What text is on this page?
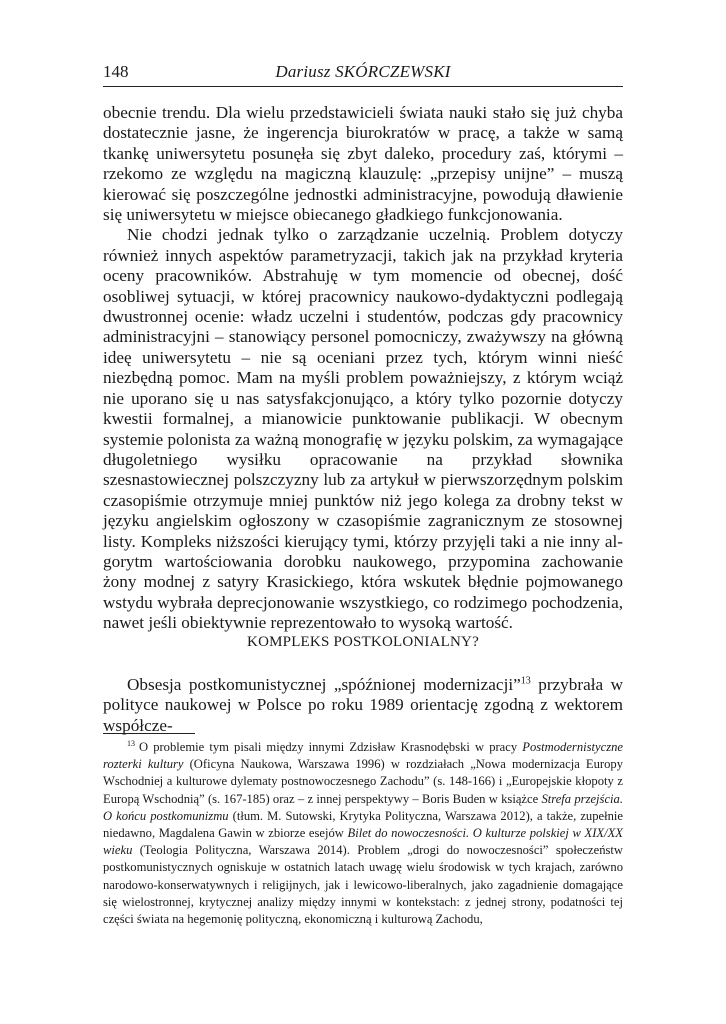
148	Dariusz SKÓRCZEWSKI

obecnie trendu. Dla wielu przedstawicieli świata nauki stało się już chyba dostatecznie jasne, że ingerencja biurokratów w pracę, a także w samą tkankę uniwersytetu posunęła się zbyt daleko, procedury zaś, którymi – rzekomo ze względu na magiczną klauzulę: „przepisy unijne” – muszą kierować się poszczególne jednostki administracyjne, powodują dławienie się uniwersytetu w miejsce obiecanego gładkiego funkcjonowania.

Nie chodzi jednak tylko o zarządzanie uczelnią. Problem dotyczy również innych aspektów parametryzacji, takich jak na przykład kryteria oceny pracowników. Abstrahuję w tym momencie od obecnej, dość osobliwej sytuacji, w której pracownicy naukowo-dydaktyczni podlegają dwustronnej ocenie: władz uczelni i studentów, podczas gdy pracownicy administracyjni – stanowiący personel pomocniczy, zważywszy na główną ideę uniwersytetu – nie są oceniani przez tych, którym winni nieść niezbędną pomoc. Mam na myśli problem poważniejszy, z którym wciąż nie uporano się u nas satysfakcjonująco, a który tylko pozornie dotyczy kwestii formalnej, a mianowicie punktowanie publikacji. W obecnym systemie polonista za ważną monografię w języku polskim, za wymagające długoletniego wysiłku opracowanie na przykład słownika szesnastowiecznej polszczyzny lub za artykuł w pierwszorzędnym polskim czasopiśmie otrzymuje mniej punktów niż jego kolega za drobny tekst w języku angielskim ogłoszony w czasopiśmie zagranicznym ze stosownej listy. Kompleks niższości kierujący tymi, którzy przyjęli taki a nie inny algorytm wartościowania dorobku naukowego, przypomina zachowanie żony modnej z satyry Krasickiego, która wskutek błędnie pojmowanego wstydu wybrała deprecjonowanie wszystkiego, co rodzimego pochodzenia, nawet jeśli obiektywnie reprezentowało to wysoką wartość.

KOMPLEKS POSTKOLONIALNY?

Obsesja postkomunistycznej „spóźnionej modernizacji”$^{13}$ przybrała w polityce naukowej w Polsce po roku 1989 orientację zgodną z wektorem współcze-

$^{13}$ O problemie tym pisali między innymi Zdzisław Krasnodębski w pracy Postmodernistyczne rozterki kultury (Oficyna Naukowa, Warszawa 1996) w rozdziałach „Nowa modernizacja Europy Wschodniej a kulturowe dylematy postnowoczesnego Zachodu” (s. 148-166) i „Europejskie kłopoty z Europą Wschodnią” (s. 167-185) oraz – z innej perspektywy – Boris Buden w książce Strefa przejścia. O końcu postkomunizmu (tłum. M. Sutowski, Krytyka Polityczna, Warszawa 2012), a także, zupełnie niedawno, Magdalena Gawin w zbiorze esejów Bilet do nowoczesności. O kulturze polskiej w XIX/XX wieku (Teologia Polityczna, Warszawa 2014). Problem „drogi do nowoczesności” społeczeństw postkomunistycznych ogniskuje w ostatnich latach uwagę wielu środowisk w tych krajach, zarówno narodowo-konserwatywnych i religijnych, jak i lewicowo-liberalnych, jako zagadnienie domagające się wielostronnej, krytycznej analizy między innymi w kontekstach: z jednej strony, podatności tej części świata na hegemonię polityczną, ekonomiczną i kulturową Zachodu,
